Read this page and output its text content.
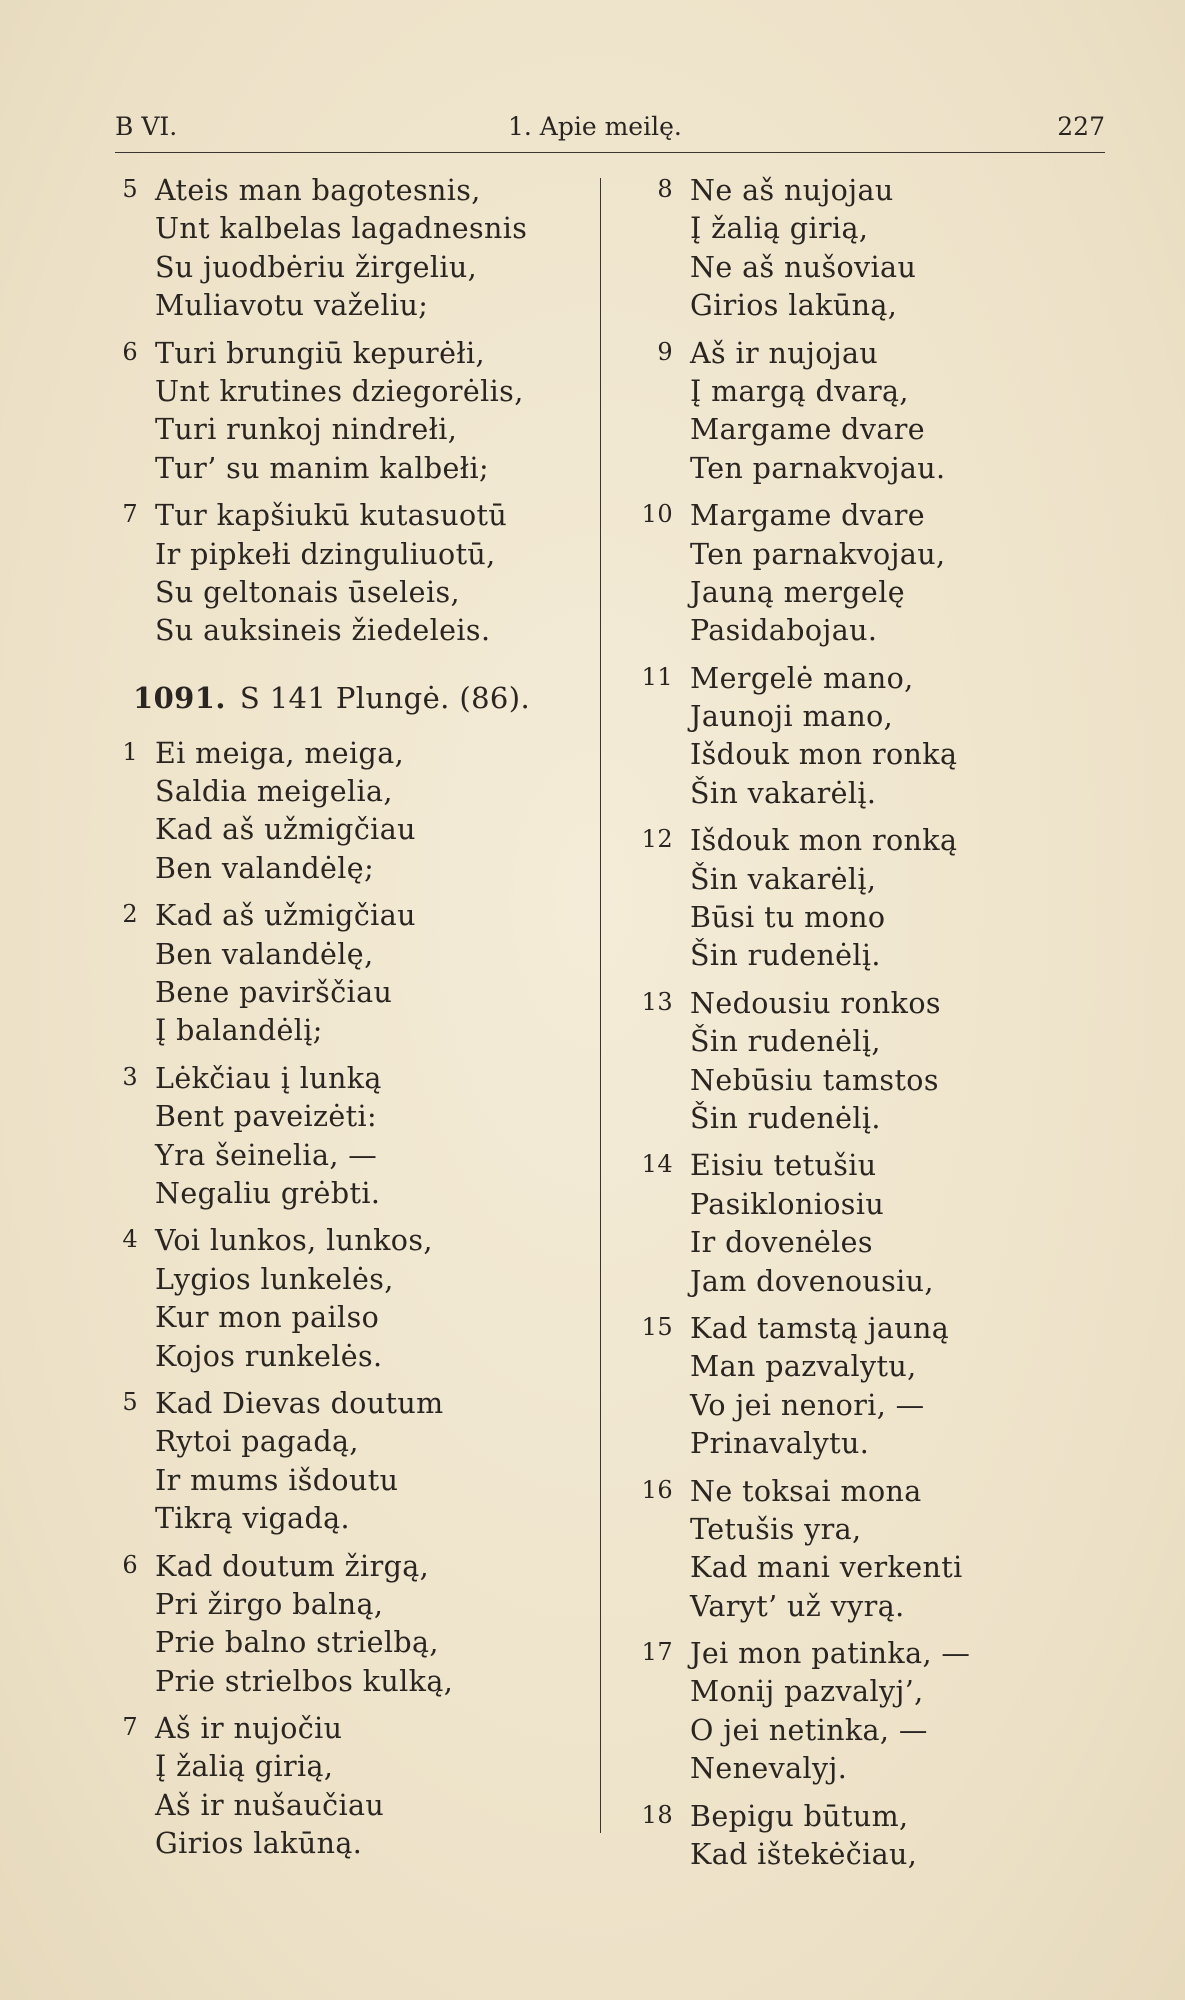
B VI.	1. Apie meilę.	227
5 Ateis man bagotesnis,
Unt kalbelas lagadnesnis
Su juodbėriu žirgeliu,
Muliavotu važeliu;
6 Turi brungiū kepurėłi,
Unt krutines dziegorėlis,
Turi runkoj nindrełi,
Tur’ su manim kalbełi;
7 Tur kapšiukū kutasuotū
Ir pipkełi dzinguliuotū,
Su geltonais ūseleis,
Su auksineis žiedeleis.
1091. S 141 Plungė. (86).
1 Ei meiga, meiga,
Saldia meigelia,
Kad aš užmigčiau
Ben valandėlę;
2 Kad aš užmigčiau
Ben valandėlę,
Bene paviršči̇au
Į balandėlį;
3 Lėkčiau į lunką
Bent paveizėti:
Yra šeinelia, —
Negaliu grėbti.
4 Voi lunkos, lunkos,
Lygios lunkelės,
Kur mon pailso
Kojos runkelės.
5 Kad Dievas doutum
Rytoi pagadą,
Ir mums išdoutu
Tikrą vigadą.
6 Kad doutum žirgą,
Pri žirgo balną,
Prie balno strielbą,
Prie strielbos kulką,
7 Aš ir nujočiu
Į žalią girią,
Aš ir nušaučiau
Girios lakūną.
8 Ne aš nujojau
Į žalią girią,
Ne aš nušoviau
Girios lakūną,
9 Aš ir nujojau
Į margą dvarą,
Margame dvare
Ten parnakvojau.
10 Margame dvare
Ten parnakvojau,
Jauną mergelę
Pasidabojau.
11 Mergelė mano,
Jaunoji mano,
Išdouk mon ronką
Šin vakarėlį.
12 Išdouk mon ronką
Šin vakarėlį,
Būsi tu mono
Šin rudenėlį.
13 Nedousiu ronkos
Šin rudenėlį,
Nebūsiu tamstos
Šin rudenėlį.
14 Eisiu tetušiu
Pasikloniosiu
Ir dovenėles
Jam dovenousiu,
15 Kad tamstą jauną
Man pazvalytu,
Vo jei nenori, —
Prinavalytu.
16 Ne toksai mona
Tetušis yra,
Kad mani verkenti
Varyt’ už vyrą.
17 Jei mon patinka, —
Monij pazvalyj’,
O jei netinka, —
Nenevalyj.
18 Bepigu būtum,
Kad ištekėčiau,
